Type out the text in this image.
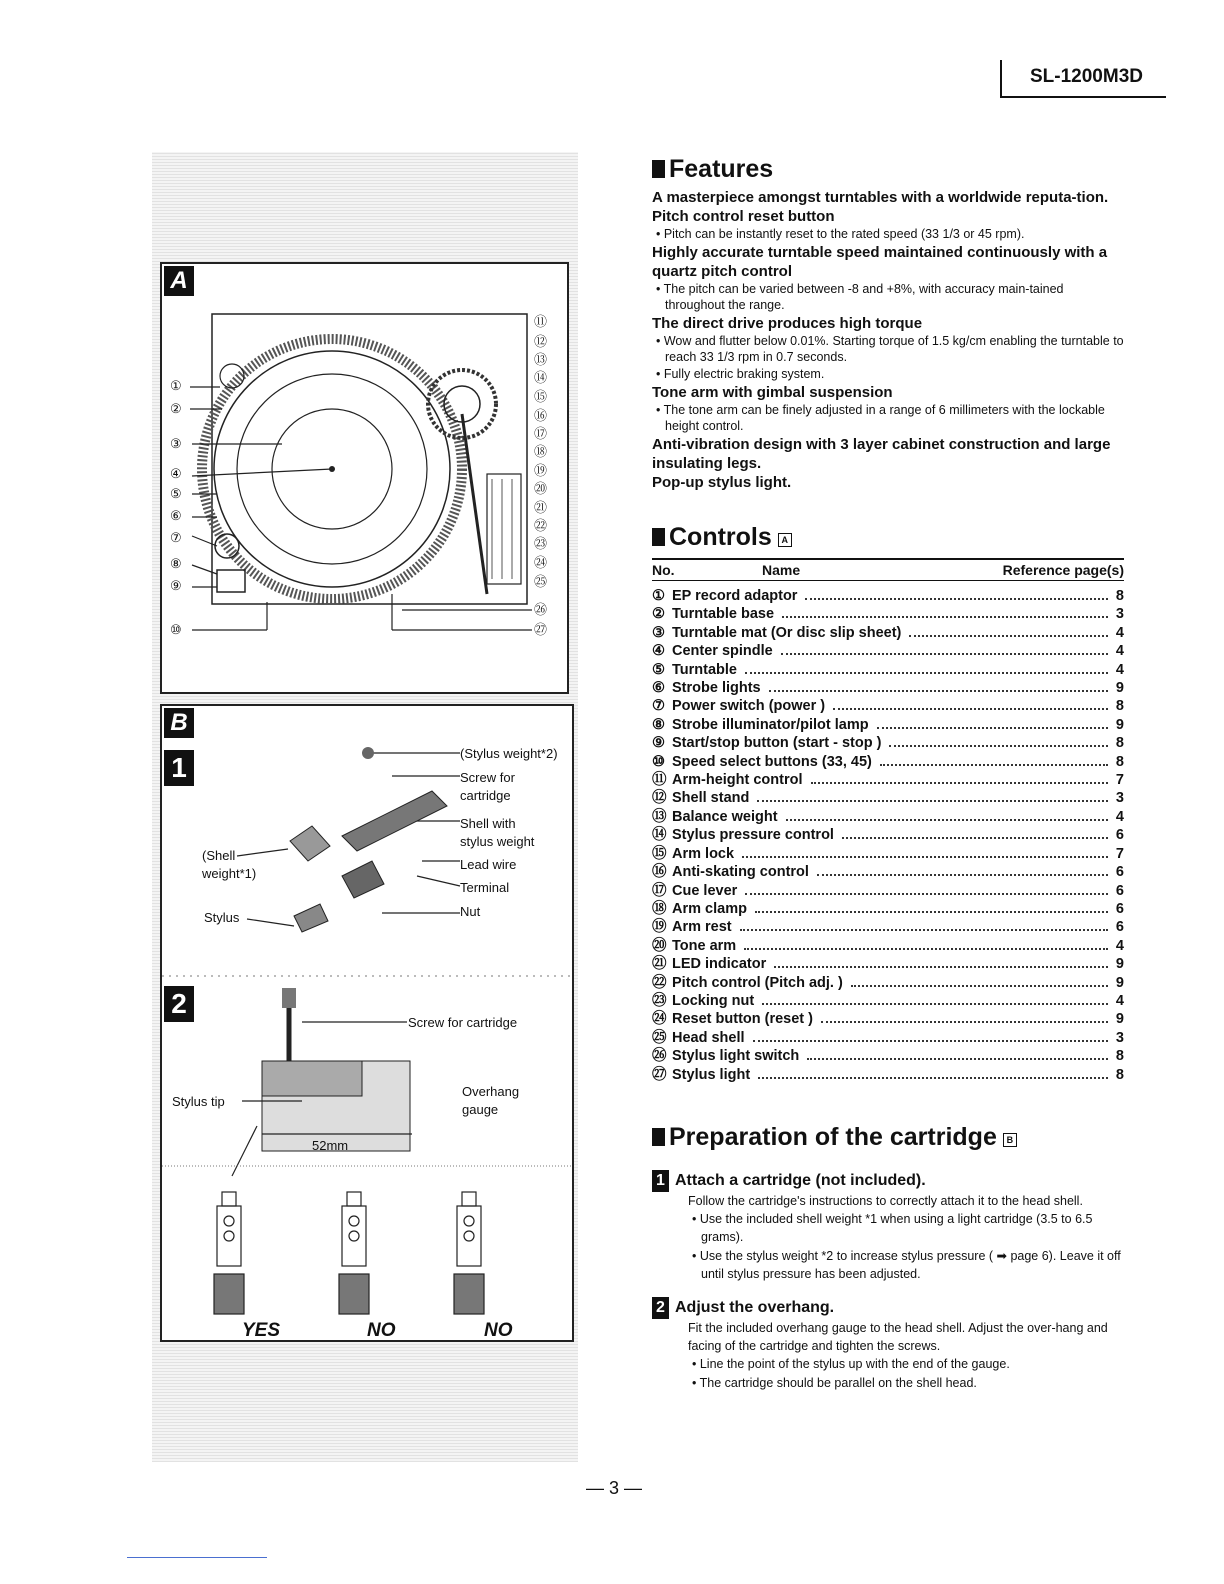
SL-1200M3D
A
①
②
③
④
⑤
⑥
⑦
⑧
⑨
⑩
⑪
⑫
⑬
⑭
⑮
⑯
⑰
⑱
⑲
⑳
㉑
㉒
㉓
㉔
㉕
㉖
㉗
B
1	(Stylus weight*2)
Screw for
cartridge
Shell with
stylus weight
Lead wire
Terminal
Nut
(Shell
weight*1)
Stylus
2
Screw for cartridge
Overhang
gauge
Stylus tip
52mm
YES	NO	NO
Features
A masterpiece amongst turntables with a worldwide reputa-tion.
Pitch control reset button
• Pitch can be instantly reset to the rated speed (33 1/3 or 45 rpm).
Highly accurate turntable speed maintained continuously with a quartz pitch control
• The pitch can be varied between -8 and +8%, with accuracy main-tained throughout the range.
The direct drive produces high torque
• Wow and flutter below 0.01%. Starting torque of 1.5 kg/cm enabling the turntable to reach 33 1/3 rpm in 0.7 seconds.
• Fully electric braking system.
Tone arm with gimbal suspension
• The tone arm can be finely adjusted in a range of 6 millimeters with the lockable height control.
Anti-vibration design with 3 layer cabinet construction and large insulating legs.
Pop-up stylus light.
Controls A
No.	Name	Reference page(s)
① EP record adaptor	8
② Turntable base	3
③ Turntable mat (Or disc slip sheet)	4
④ Center spindle	4
⑤ Turntable	4
⑥ Strobe lights	9
⑦ Power switch (power )	8
⑧ Strobe illuminator/pilot lamp	9
⑨ Start/stop button (start - stop )	8
⑩ Speed select buttons (33, 45)	8
⑪ Arm-height control	7
⑫ Shell stand	3
⑬ Balance weight	4
⑭ Stylus pressure control	6
⑮ Arm lock	7
⑯ Anti-skating control	6
⑰ Cue lever	6
⑱ Arm clamp	6
⑲ Arm rest	6
⑳ Tone arm	4
㉑ LED indicator	9
㉒ Pitch control (Pitch adj. )	9
㉓ Locking nut	4
㉔ Reset button (reset )	9
㉕ Head shell	3
㉖ Stylus light switch	8
㉗ Stylus light	8
Preparation of the cartridge B
1 Attach a cartridge (not included).
Follow the cartridge's instructions to correctly attach it to the head shell.
• Use the included shell weight *1 when using a light cartridge (3.5 to 6.5 grams).
• Use the stylus weight *2 to increase stylus pressure ( ➡ page 6). Leave it off until stylus pressure has been adjusted.
2 Adjust the overhang.
Fit the included overhang gauge to the head shell. Adjust the over-hang and facing of the cartridge and tighten the screws.
• Line the point of the stylus up with the end of the gauge.
• The cartridge should be parallel on the shell head.
— 3 —
